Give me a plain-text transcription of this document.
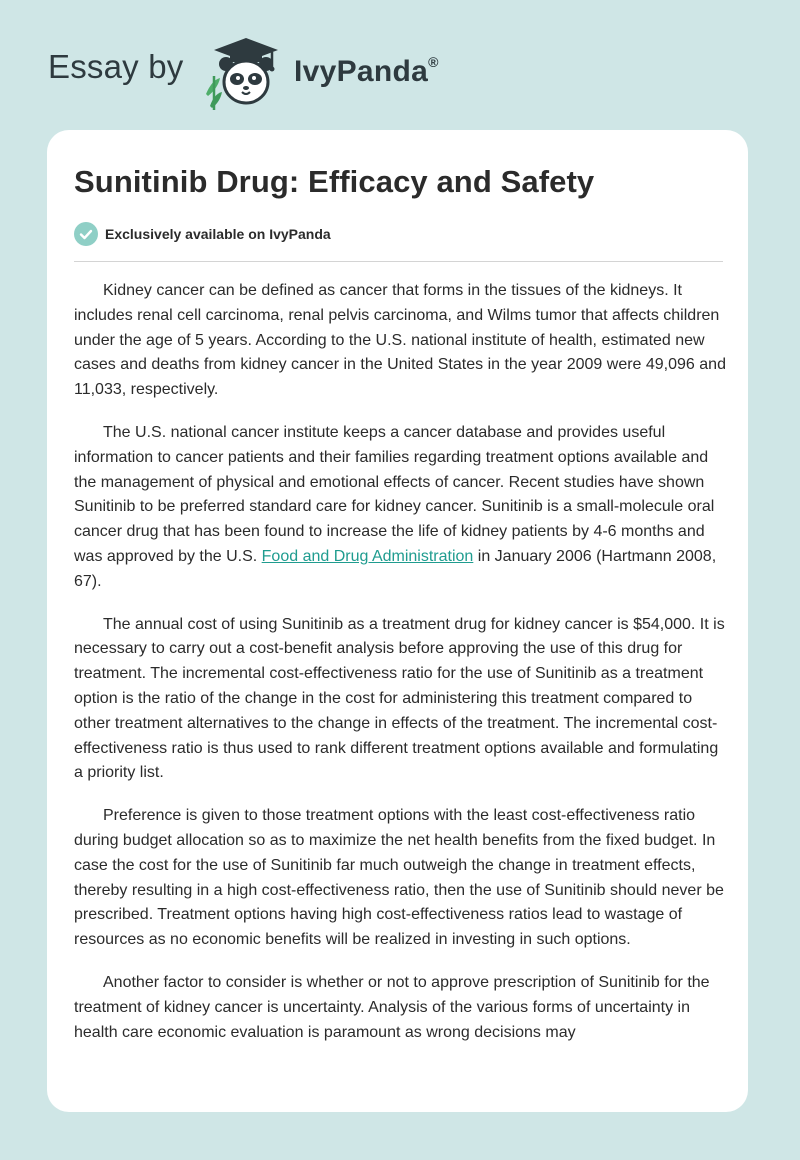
Essay by	IvyPanda®
Sunitinib Drug: Efficacy and Safety
Exclusively available on IvyPanda

Kidney cancer can be defined as cancer that forms in the tissues of the kidneys. It includes renal cell carcinoma, renal pelvis carcinoma, and Wilms tumor that affects children under the age of 5 years. According to the U.S. national institute of health, estimated new cases and deaths from kidney cancer in the United States in the year 2009 were 49,096 and 11,033, respectively.

The U.S. national cancer institute keeps a cancer database and provides useful information to cancer patients and their families regarding treatment options available and the management of physical and emotional effects of cancer. Recent studies have shown Sunitinib to be preferred standard care for kidney cancer. Sunitinib is a small-molecule oral cancer drug that has been found to increase the life of kidney patients by 4-6 months and was approved by the U.S. Food and Drug Administration in January 2006 (Hartmann 2008, 67).

The annual cost of using Sunitinib as a treatment drug for kidney cancer is $54,000. It is necessary to carry out a cost-benefit analysis before approving the use of this drug for treatment. The incremental cost-effectiveness ratio for the use of Sunitinib as a treatment option is the ratio of the change in the cost for administering this treatment compared to other treatment alternatives to the change in effects of the treatment. The incremental cost-effectiveness ratio is thus used to rank different treatment options available and formulating a priority list.

Preference is given to those treatment options with the least cost-effectiveness ratio during budget allocation so as to maximize the net health benefits from the fixed budget. In case the cost for the use of Sunitinib far much outweigh the change in treatment effects, thereby resulting in a high cost-effectiveness ratio, then the use of Sunitinib should never be prescribed. Treatment options having high cost-effectiveness ratios lead to wastage of resources as no economic benefits will be realized in investing in such options.

Another factor to consider is whether or not to approve prescription of Sunitinib for the treatment of kidney cancer is uncertainty. Analysis of the various forms of uncertainty in health care economic evaluation is paramount as wrong decisions may
